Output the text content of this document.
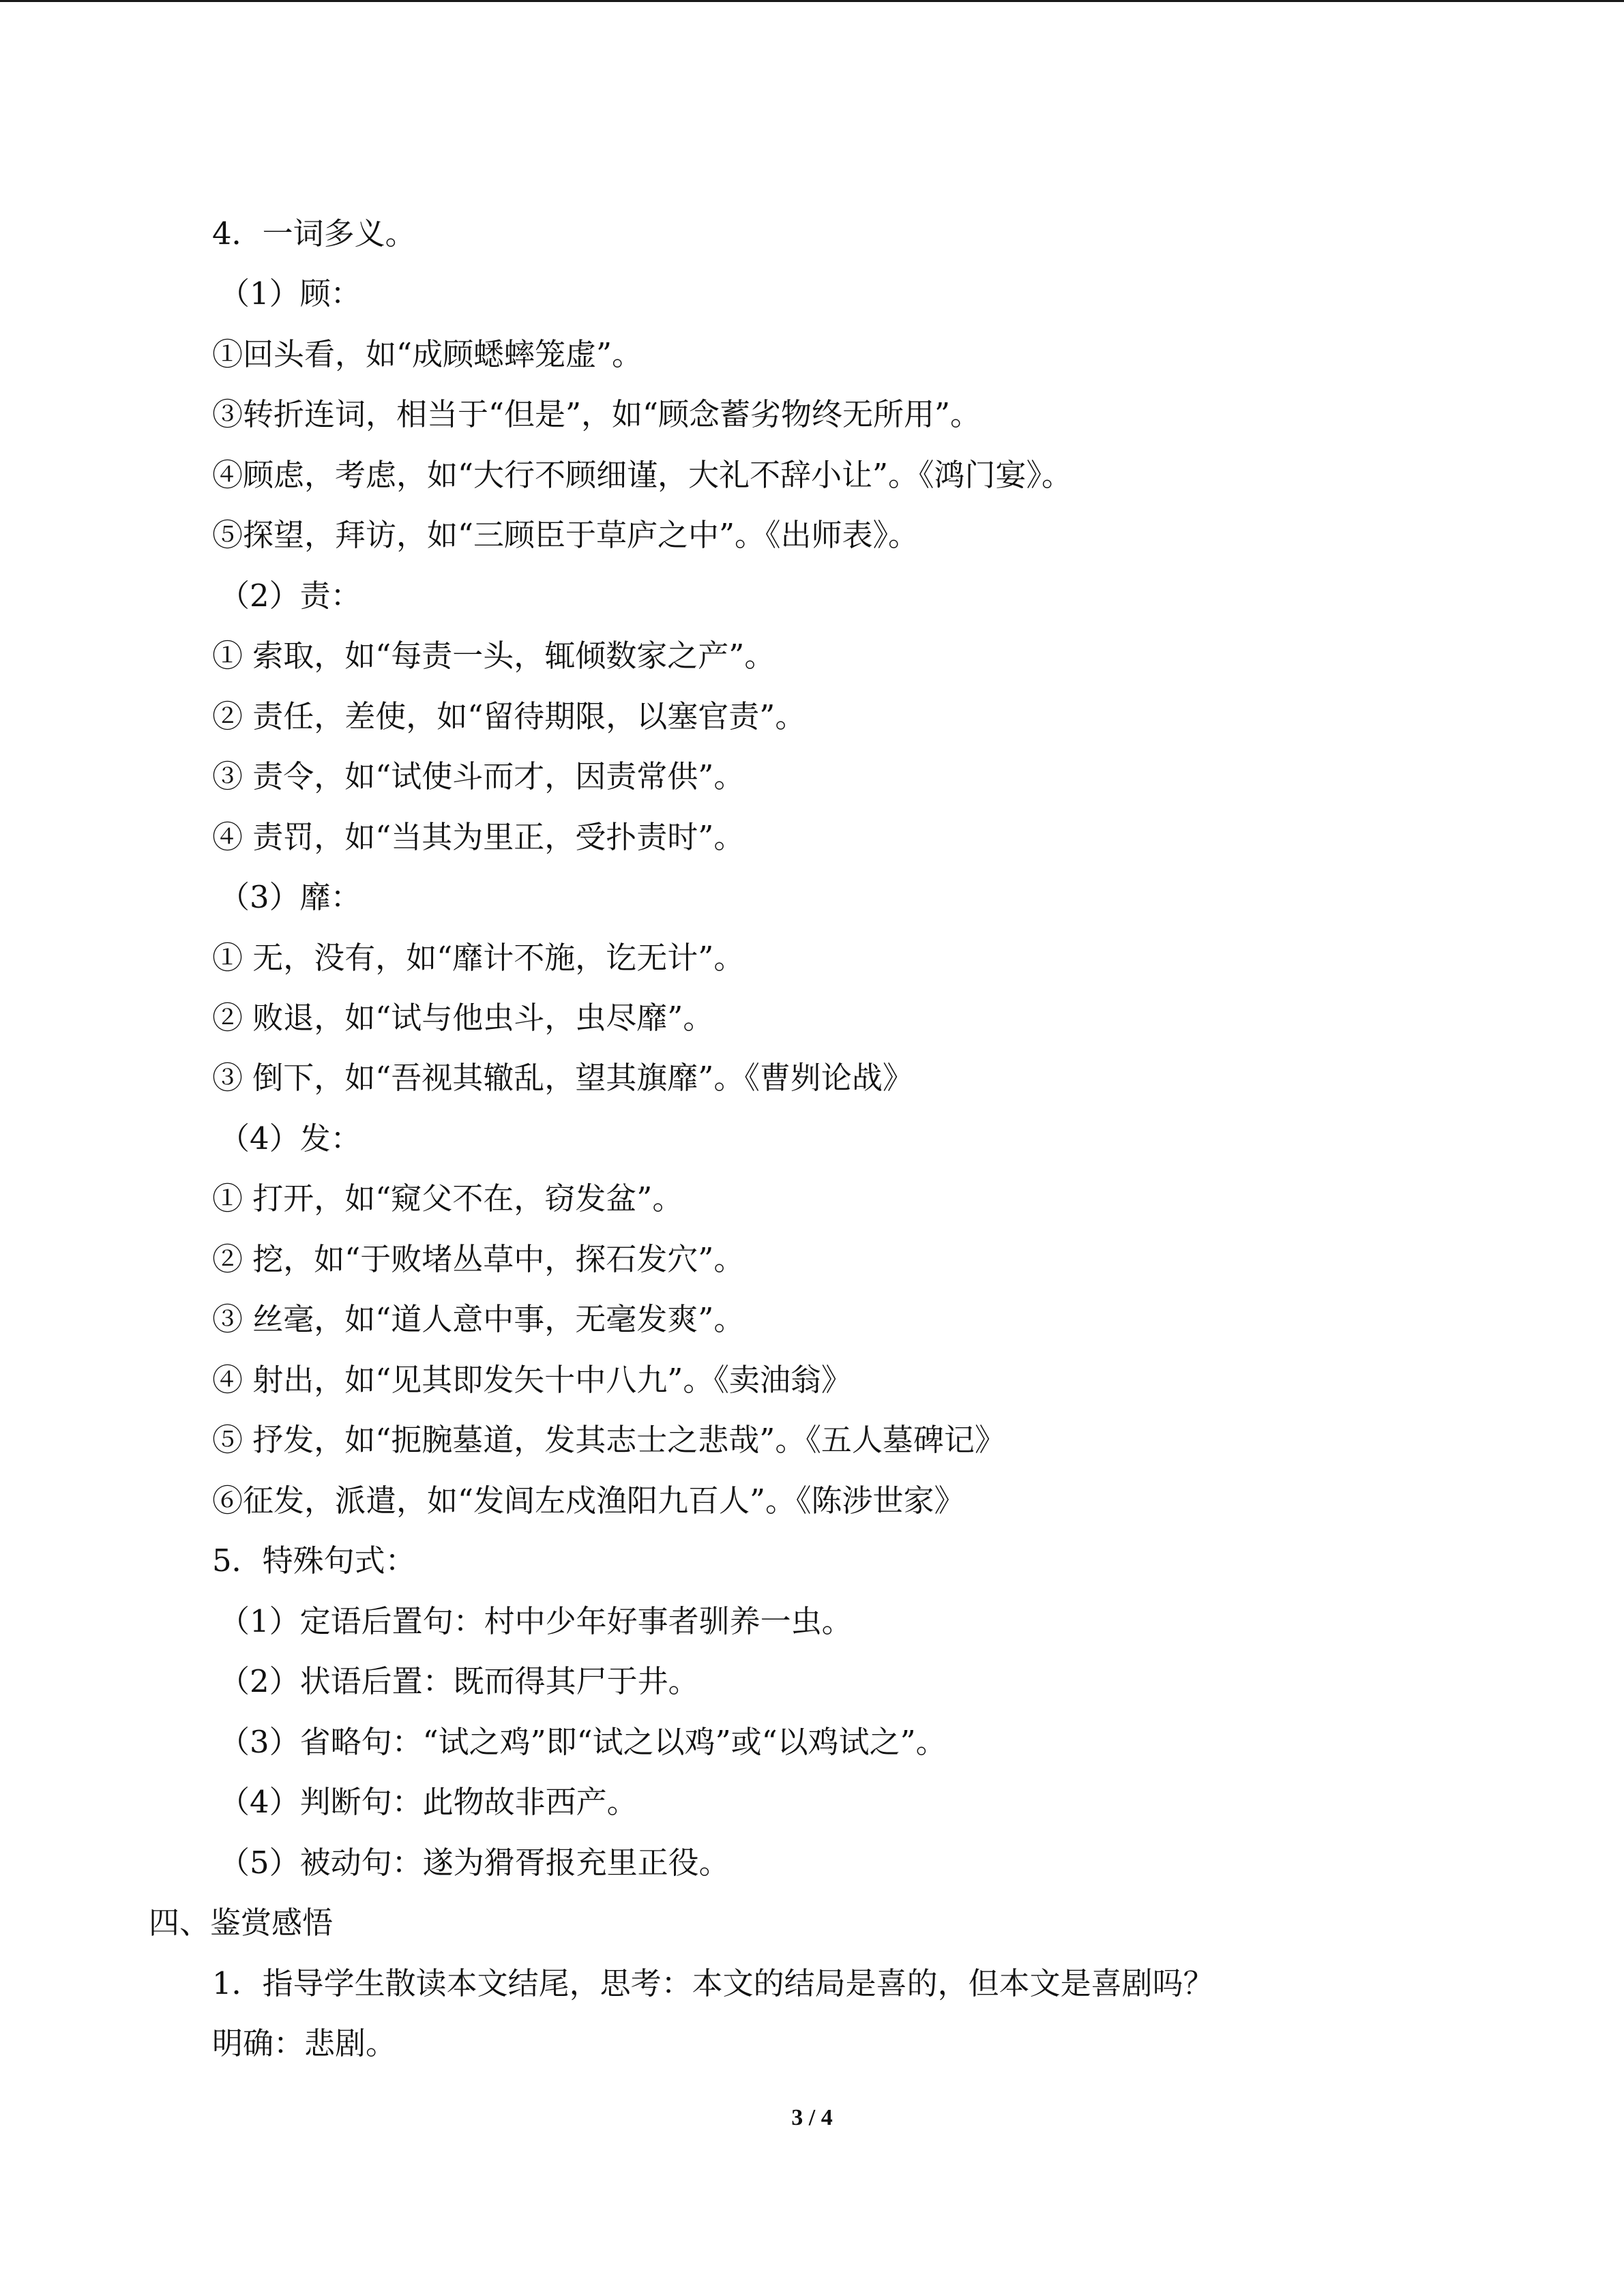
4．一词多义。
（1）顾：
①回头看，如“成顾蟋蟀笼虚”。
③转折连词，相当于“但是”，如“顾念蓄劣物终无所用”。
④顾虑，考虑，如“大行不顾细谨，大礼不辞小让”。《鸿门宴》。
⑤探望，拜访，如“三顾臣于草庐之中”。《出师表》。
（2）责：
① 索取，如“每责一头，辄倾数家之产”。
② 责任，差使，如“留待期限，以塞官责”。
③ 责令，如“试使斗而才，因责常供”。
④ 责罚，如“当其为里正，受扑责时”。
（3）靡：
① 无，没有，如“靡计不施，讫无计”。
② 败退，如“试与他虫斗，虫尽靡”。
③ 倒下，如“吾视其辙乱，望其旗靡”。《曹刿论战》
（4）发：
① 打开，如“窥父不在，窃发盆”。
② 挖，如“于败堵丛草中，探石发穴”。
③ 丝毫，如“道人意中事，无毫发爽”。
④ 射出，如“见其即发矢十中八九”。《卖油翁》
⑤ 抒发，如“扼腕墓道，发其志士之悲哉”。《五人墓碑记》
⑥征发，派遣，如“发闾左戍渔阳九百人”。《陈涉世家》
5．特殊句式：
（1）定语后置句：村中少年好事者驯养一虫。
（2）状语后置：既而得其尸于井。
（3）省略句：“试之鸡”即“试之以鸡”或“以鸡试之”。
（4）判断句：此物故非西产。
（5）被动句：遂为猾胥报充里正役。
四、鉴赏感悟
1．指导学生散读本文结尾，思考：本文的结局是喜的，但本文是喜剧吗？
明确：悲剧。
3 / 4
